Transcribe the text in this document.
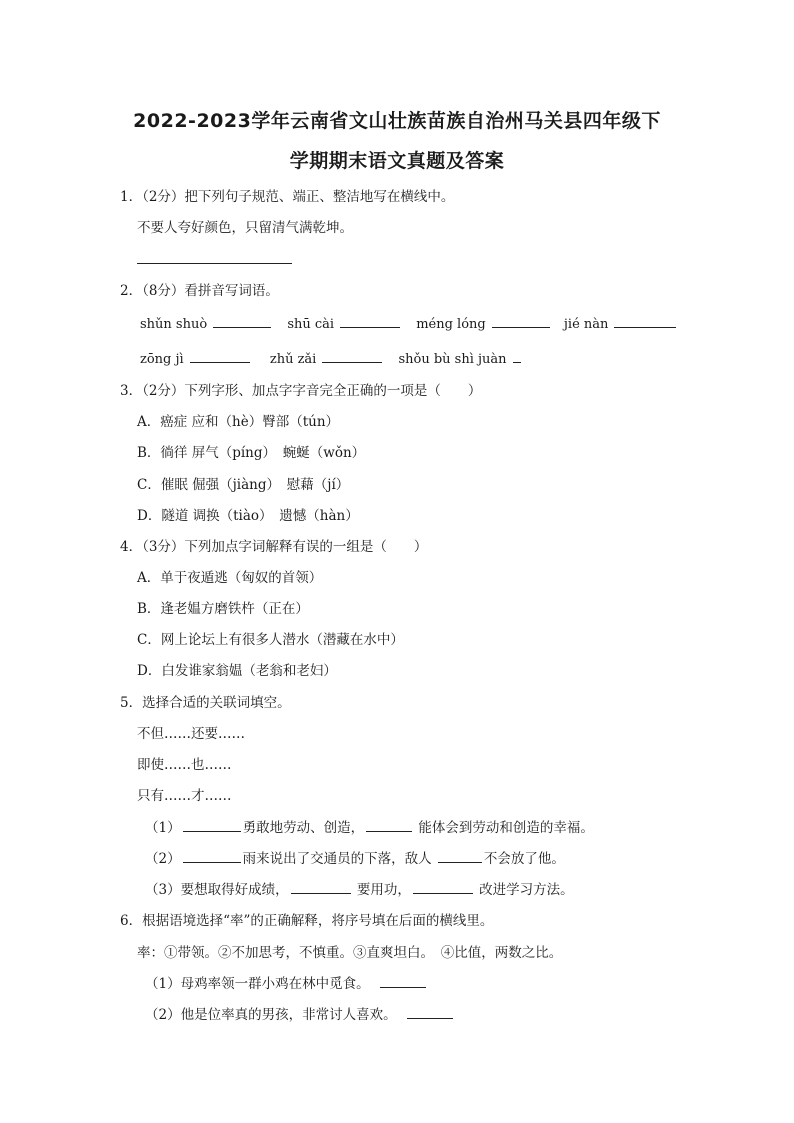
2022-2023学年云南省文山壮族苗族自治州马关县四年级下
学期期末语文真题及答案
1．（2分）把下列句子规范、端正、整洁地写在横线中。
不要人夸好颜色，只留清气满乾坤。
2．（8分）看拼音写词语。
shǔn shuò	shū cài	méng lóng	jié nàn
zōng jì	zhǔ zǎi	shǒu bù shì juàn
3．（2分）下列字形、加点字字音完全正确的一项是（　　）
A．癌症 应和（hè）臀部（tún）
B．徜徉 屏气（píng）　蜿蜒（wǒn）
C．催眠 倔强（jiàng）　慰藉（jí）
D．隧道 调换（tiào）　遗憾（hàn）
4．（3分）下列加点字词解释有误的一组是（　　）
A．单于夜遁逃（匈奴的首领）
B．逢老媪方磨铁杵（正在）
C．网上论坛上有很多人潜水（潜藏在水中）
D．白发谁家翁媪（老翁和老妇）
5．选择合适的关联词填空。
不但……还要……
即使……也……
只有……才……
（1）	勇敢地劳动、创造，	能体会到劳动和创造的幸福。
（2）	雨来说出了交通员的下落，敌人	不会放了他。
（3）要想取得好成绩，	要用功，	改进学习方法。
6．根据语境选择“率”的正确解释，将序号填在后面的横线里。
率：①带领。②不加思考，不慎重。③直爽坦白。　④比值，两数之比。
（1）母鸡率领一群小鸡在林中觅食。
（2）他是位率真的男孩，非常讨人喜欢。
